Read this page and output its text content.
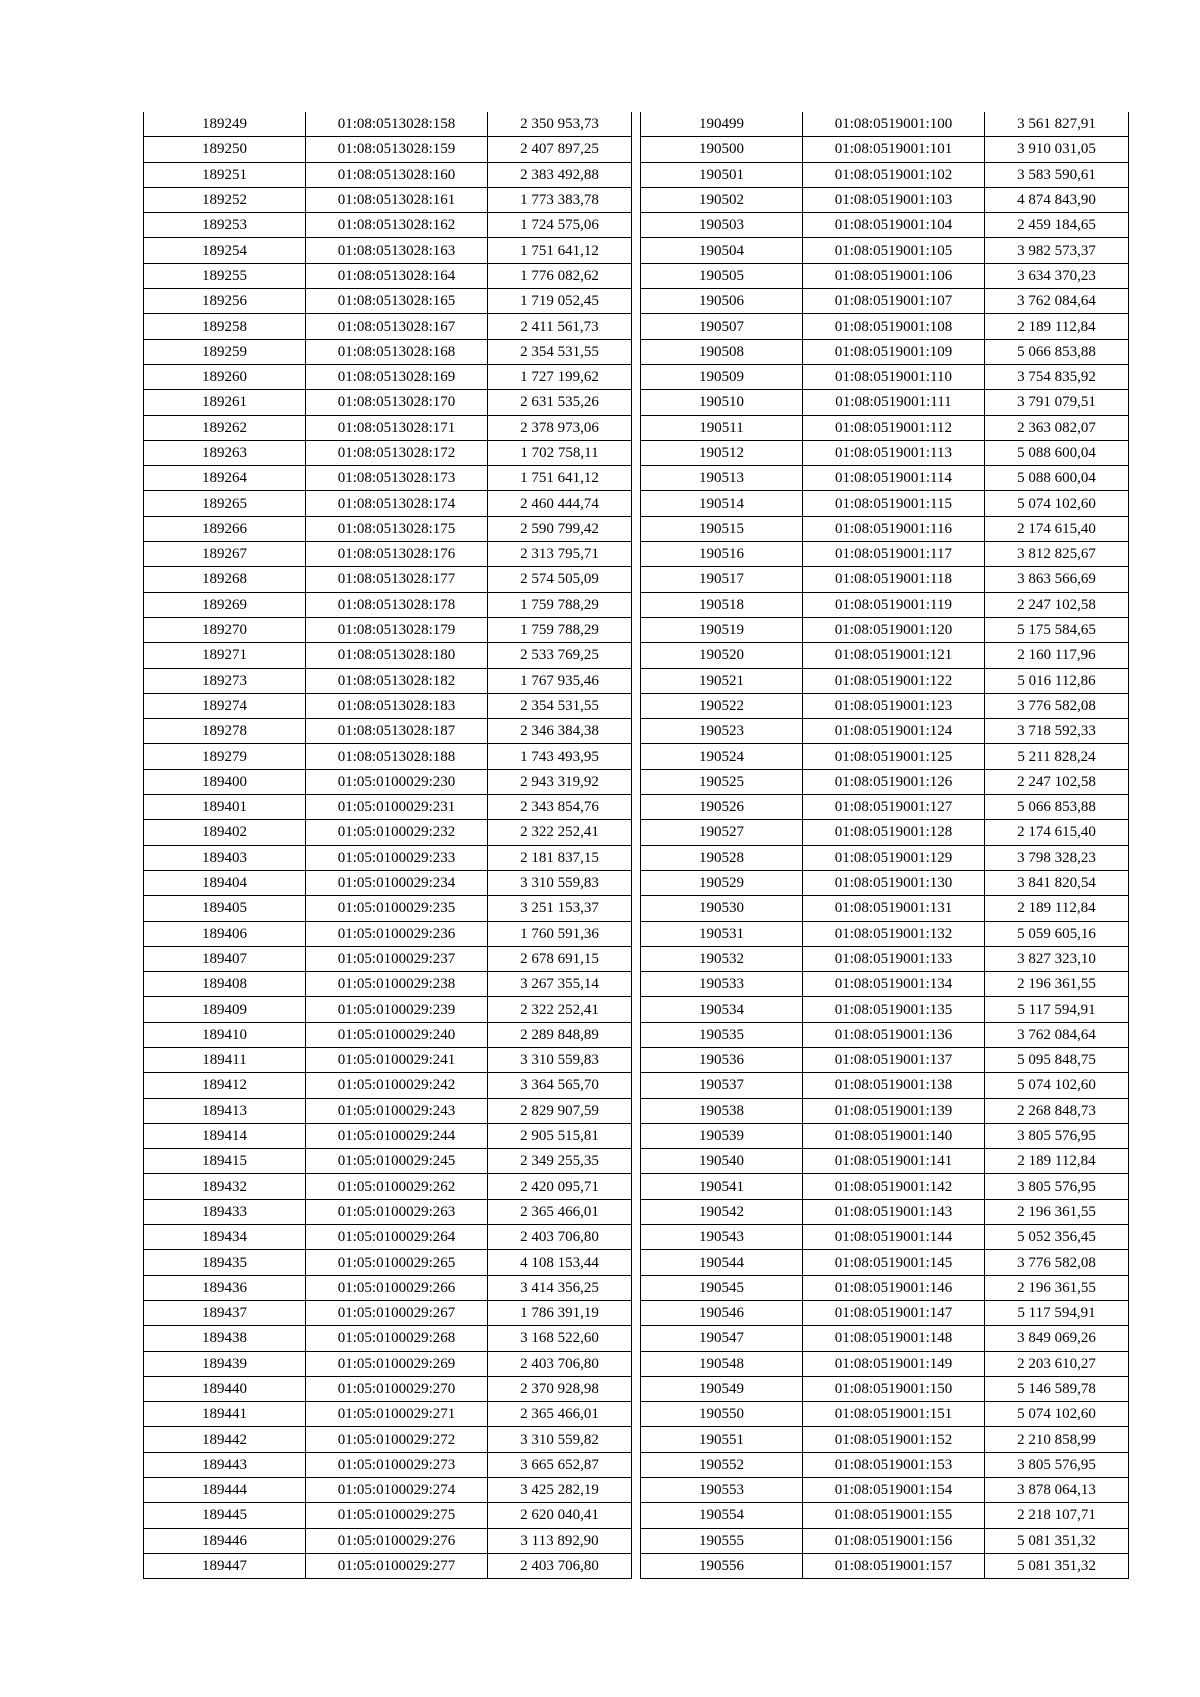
189249	01:08:0513028:158	2 350 953,73
189250	01:08:0513028:159	2 407 897,25
189251	01:08:0513028:160	2 383 492,88
189252	01:08:0513028:161	1 773 383,78
189253	01:08:0513028:162	1 724 575,06
189254	01:08:0513028:163	1 751 641,12
189255	01:08:0513028:164	1 776 082,62
189256	01:08:0513028:165	1 719 052,45
189258	01:08:0513028:167	2 411 561,73
189259	01:08:0513028:168	2 354 531,55
189260	01:08:0513028:169	1 727 199,62
189261	01:08:0513028:170	2 631 535,26
189262	01:08:0513028:171	2 378 973,06
189263	01:08:0513028:172	1 702 758,11
189264	01:08:0513028:173	1 751 641,12
189265	01:08:0513028:174	2 460 444,74
189266	01:08:0513028:175	2 590 799,42
189267	01:08:0513028:176	2 313 795,71
189268	01:08:0513028:177	2 574 505,09
189269	01:08:0513028:178	1 759 788,29
189270	01:08:0513028:179	1 759 788,29
189271	01:08:0513028:180	2 533 769,25
189273	01:08:0513028:182	1 767 935,46
189274	01:08:0513028:183	2 354 531,55
189278	01:08:0513028:187	2 346 384,38
189279	01:08:0513028:188	1 743 493,95
189400	01:05:0100029:230	2 943 319,92
189401	01:05:0100029:231	2 343 854,76
189402	01:05:0100029:232	2 322 252,41
189403	01:05:0100029:233	2 181 837,15
189404	01:05:0100029:234	3 310 559,83
189405	01:05:0100029:235	3 251 153,37
189406	01:05:0100029:236	1 760 591,36
189407	01:05:0100029:237	2 678 691,15
189408	01:05:0100029:238	3 267 355,14
189409	01:05:0100029:239	2 322 252,41
189410	01:05:0100029:240	2 289 848,89
189411	01:05:0100029:241	3 310 559,83
189412	01:05:0100029:242	3 364 565,70
189413	01:05:0100029:243	2 829 907,59
189414	01:05:0100029:244	2 905 515,81
189415	01:05:0100029:245	2 349 255,35
189432	01:05:0100029:262	2 420 095,71
189433	01:05:0100029:263	2 365 466,01
189434	01:05:0100029:264	2 403 706,80
189435	01:05:0100029:265	4 108 153,44
189436	01:05:0100029:266	3 414 356,25
189437	01:05:0100029:267	1 786 391,19
189438	01:05:0100029:268	3 168 522,60
189439	01:05:0100029:269	2 403 706,80
189440	01:05:0100029:270	2 370 928,98
189441	01:05:0100029:271	2 365 466,01
189442	01:05:0100029:272	3 310 559,82
189443	01:05:0100029:273	3 665 652,87
189444	01:05:0100029:274	3 425 282,19
189445	01:05:0100029:275	2 620 040,41
189446	01:05:0100029:276	3 113 892,90
189447	01:05:0100029:277	2 403 706,80
190499	01:08:0519001:100	3 561 827,91
190500	01:08:0519001:101	3 910 031,05
190501	01:08:0519001:102	3 583 590,61
190502	01:08:0519001:103	4 874 843,90
190503	01:08:0519001:104	2 459 184,65
190504	01:08:0519001:105	3 982 573,37
190505	01:08:0519001:106	3 634 370,23
190506	01:08:0519001:107	3 762 084,64
190507	01:08:0519001:108	2 189 112,84
190508	01:08:0519001:109	5 066 853,88
190509	01:08:0519001:110	3 754 835,92
190510	01:08:0519001:111	3 791 079,51
190511	01:08:0519001:112	2 363 082,07
190512	01:08:0519001:113	5 088 600,04
190513	01:08:0519001:114	5 088 600,04
190514	01:08:0519001:115	5 074 102,60
190515	01:08:0519001:116	2 174 615,40
190516	01:08:0519001:117	3 812 825,67
190517	01:08:0519001:118	3 863 566,69
190518	01:08:0519001:119	2 247 102,58
190519	01:08:0519001:120	5 175 584,65
190520	01:08:0519001:121	2 160 117,96
190521	01:08:0519001:122	5 016 112,86
190522	01:08:0519001:123	3 776 582,08
190523	01:08:0519001:124	3 718 592,33
190524	01:08:0519001:125	5 211 828,24
190525	01:08:0519001:126	2 247 102,58
190526	01:08:0519001:127	5 066 853,88
190527	01:08:0519001:128	2 174 615,40
190528	01:08:0519001:129	3 798 328,23
190529	01:08:0519001:130	3 841 820,54
190530	01:08:0519001:131	2 189 112,84
190531	01:08:0519001:132	5 059 605,16
190532	01:08:0519001:133	3 827 323,10
190533	01:08:0519001:134	2 196 361,55
190534	01:08:0519001:135	5 117 594,91
190535	01:08:0519001:136	3 762 084,64
190536	01:08:0519001:137	5 095 848,75
190537	01:08:0519001:138	5 074 102,60
190538	01:08:0519001:139	2 268 848,73
190539	01:08:0519001:140	3 805 576,95
190540	01:08:0519001:141	2 189 112,84
190541	01:08:0519001:142	3 805 576,95
190542	01:08:0519001:143	2 196 361,55
190543	01:08:0519001:144	5 052 356,45
190544	01:08:0519001:145	3 776 582,08
190545	01:08:0519001:146	2 196 361,55
190546	01:08:0519001:147	5 117 594,91
190547	01:08:0519001:148	3 849 069,26
190548	01:08:0519001:149	2 203 610,27
190549	01:08:0519001:150	5 146 589,78
190550	01:08:0519001:151	5 074 102,60
190551	01:08:0519001:152	2 210 858,99
190552	01:08:0519001:153	3 805 576,95
190553	01:08:0519001:154	3 878 064,13
190554	01:08:0519001:155	2 218 107,71
190555	01:08:0519001:156	5 081 351,32
190556	01:08:0519001:157	5 081 351,32
